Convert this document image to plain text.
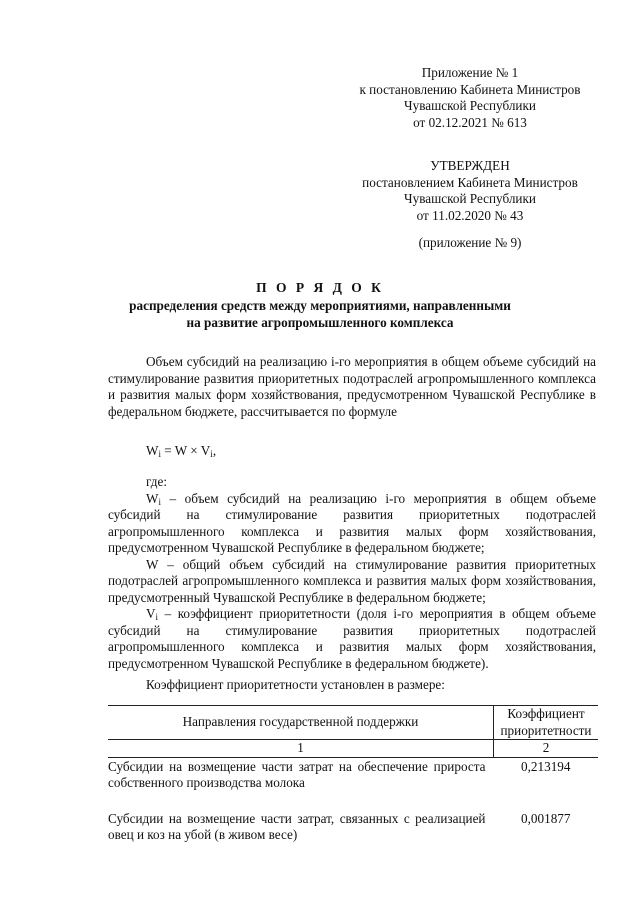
Приложение № 1
к постановлению Кабинета Министров
Чувашской Республики
от 02.12.2021 № 613
УТВЕРЖДЕН
постановлением Кабинета Министров
Чувашской Республики
от 11.02.2020 № 43
(приложение № 9)
П О Р Я Д О К
распределения средств между мероприятиями, направленными
на развитие агропромышленного комплекса
Объем субсидий на реализацию i-го мероприятия в общем объеме субсидий на стимулирование развития приоритетных подотраслей агропромышленного комплекса и развития малых форм хозяйствования, предусмотренном Чувашской Республике в федеральном бюджете, рассчитывается по формуле
$W_i = W \times V_i$,
где:
$W_i$ – объем субсидий на реализацию i-го мероприятия в общем объеме субсидий на стимулирование развития приоритетных подотраслей агропромышленного комплекса и развития малых форм хозяйствования, предусмотренном Чувашской Республике в федеральном бюджете;
W – общий объем субсидий на стимулирование развития приоритетных подотраслей агропромышленного комплекса и развития малых форм хозяйствования, предусмотренный Чувашской Республике в федеральном бюджете;
$V_i$ – коэффициент приоритетности (доля i-го мероприятия в общем объеме субсидий на стимулирование развития приоритетных подотраслей агропромышленного комплекса и развития малых форм хозяйствования, предусмотренном Чувашской Республике в федеральном бюджете).
Коэффициент приоритетности установлен в размере:
Направления государственной поддержки	Коэффициент приоритетности
1	2
Субсидии на возмещение части затрат на обеспечение прироста собственного производства молока	0,213194

Субсидии на возмещение части затрат, связанных с реализацией овец и коз на убой (в живом весе)	0,001877
